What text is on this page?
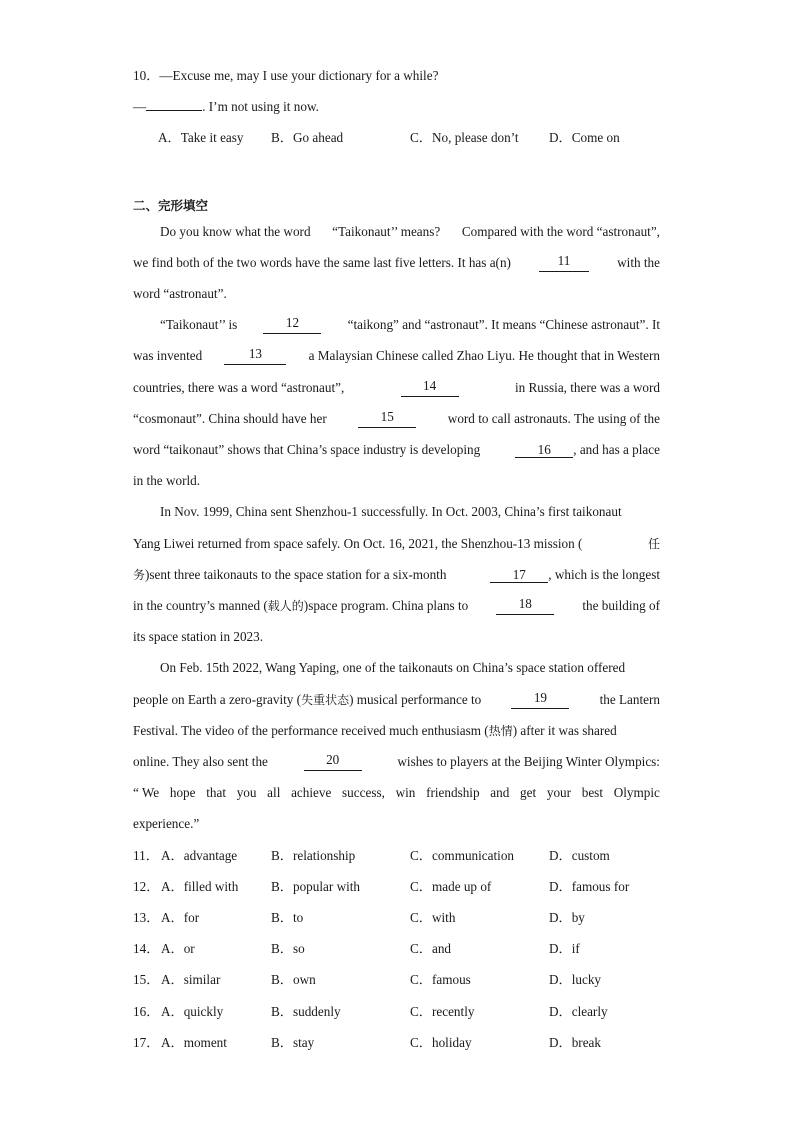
10．—Excuse me, may I use your dictionary for a while?
—	. I’m not using it now.
A．Take it easy B．Go ahead	C．No, please don’t D．Come on
二、完形填空
Do you know what the word “Taikonaut’’ means? Compared with the word “astronaut”,
we find both of the two words have the same last five letters. It has a(n)	11	with the
word “astronaut”.
“Taikonaut’’ is	12	“taikong” and “astronaut”. It means “Chinese astronaut”. It
was invented	13	a Malaysian Chinese called Zhao Liyu. He thought that in Western
countries, there was a word “astronaut”,	14	in Russia, there was a word
“cosmonaut”. China should have her	15	word to call astronauts. The using of the
word “taikonaut” shows that China’s space industry is developing	16 , and has a place
in the world.
In Nov. 1999, China sent Shenzhou-1 successfully. In Oct. 2003, China’s first taikonaut
Yang Liwei returned from space safely. On Oct. 16, 2021, the Shenzhou-13 mission (	任
务)sent three taikonauts to the space station for a six-month	17 , which is the longest
in the country’s manned (载人的)space program. China plans to	18	the building of
its space station in 2023.
On Feb. 15th 2022, Wang Yaping, one of the taikonauts on China’s space station offered
people on Earth a zero-gravity (失重状态) musical performance to	19	the Lantern
Festival. The video of the performance received much enthusiasm (热情) after it was shared
online. They also sent the	20	wishes to players at the Beijing Winter Olympics:
“ We hope that you all achieve success, win friendship and get your best Olympic
experience.”
11． A．advantage	B．relationship	C．communication	D．custom
12． A．filled with B．popular with	C．made up of	D．famous for
13． A．for	B．to	C．with	D．by
14． A．or	B．so	C．and	D．if
15． A．similar	B．own	C．famous	D．lucky
16． A．quickly	B．suddenly	C．recently	D．clearly
17． A．moment	B．stay	C．holiday	D．break
